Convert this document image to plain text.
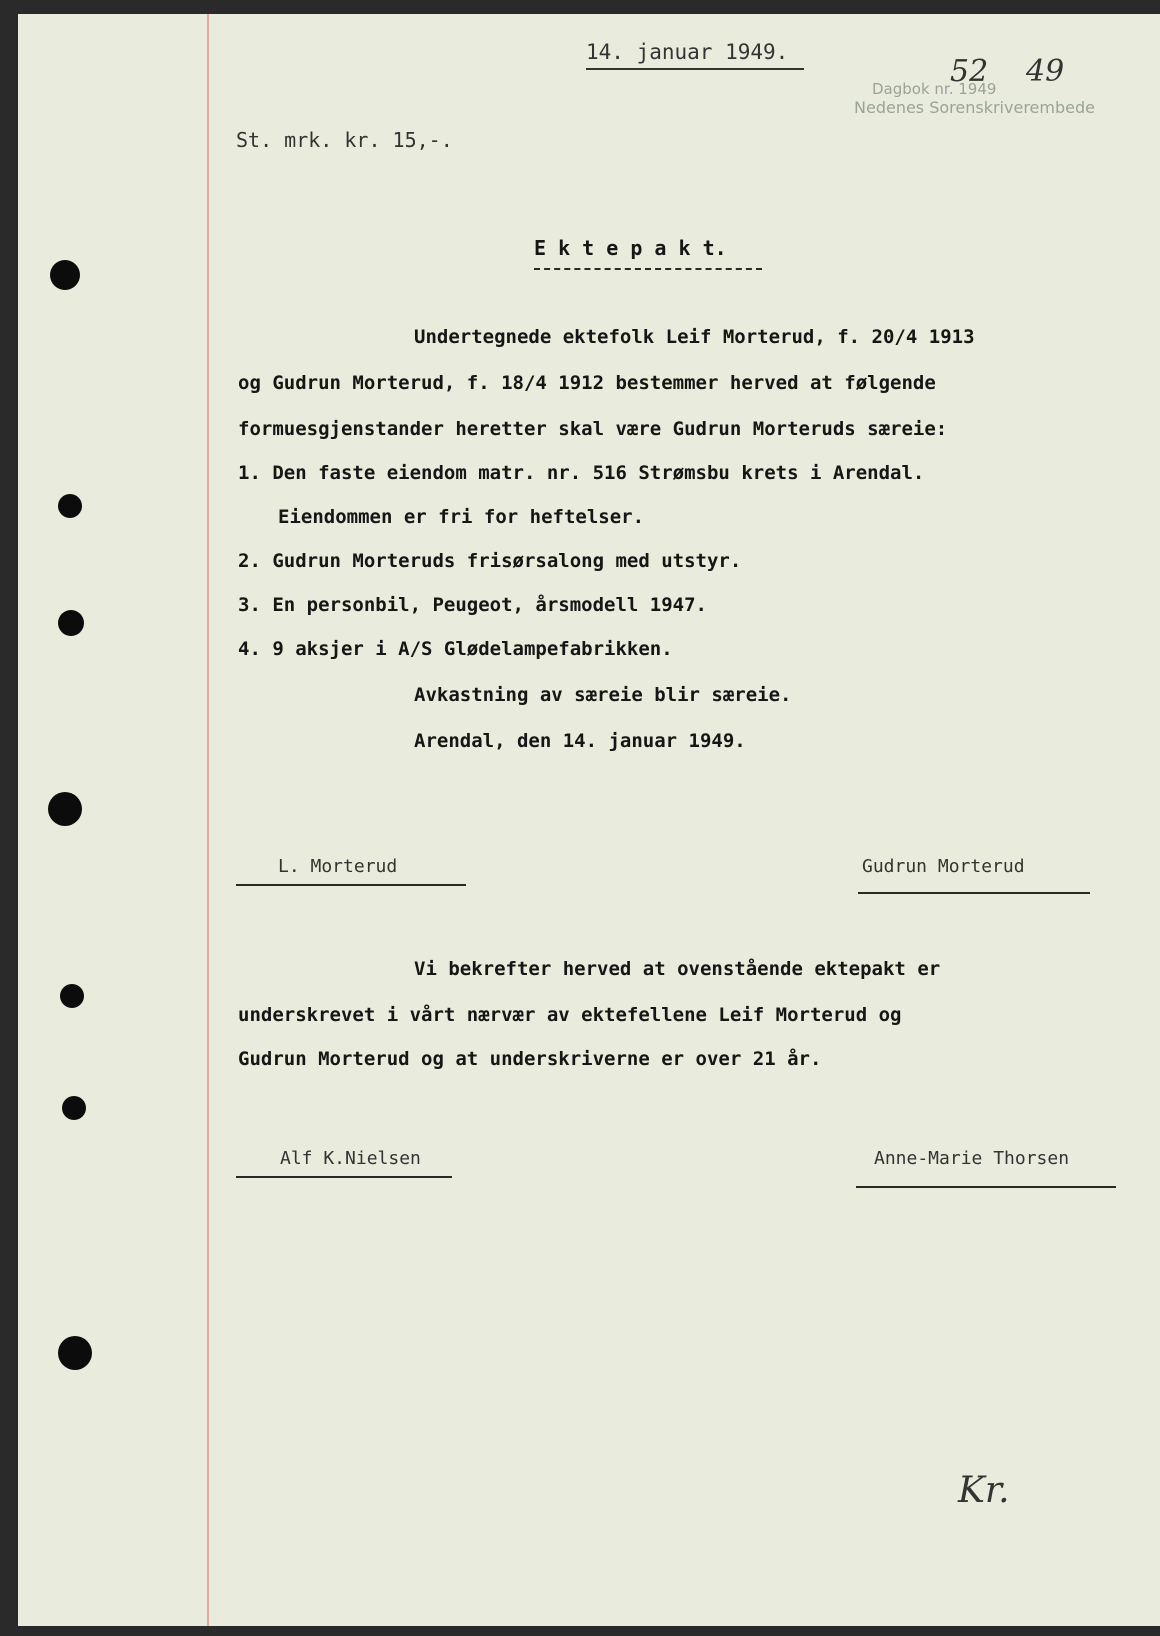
14. januar 1949.
52 49
Dagbok nr. 1949
Nedenes Sorenskriverembede
St. mrk. kr. 15,-.
E k t e p a k t.
Undertegnede ektefolk Leif Morterud, f. 20/4 1913
og Gudrun Morterud, f. 18/4 1912 bestemmer herved at følgende
formuesgjenstander heretter skal være Gudrun Morteruds særeie:
1. Den faste eiendom matr. nr. 516 Strømsbu krets i Arendal.
Eiendommen er fri for heftelser.
2. Gudrun Morteruds frisørsalong med utstyr.
3. En personbil, Peugeot, årsmodell 1947.
4. 9 aksjer i A/S Glødelampefabrikken.
Avkastning av særeie blir særeie.
Arendal, den 14. januar 1949.
L. Morterud	Gudrun Morterud
Vi bekrefter herved at ovenstående ektepakt er
underskrevet i vårt nærvær av ektefellene Leif Morterud og
Gudrun Morterud og at underskriverne er over 21 år.
Alf K.Nielsen	Anne-Marie Thorsen
Kr.
